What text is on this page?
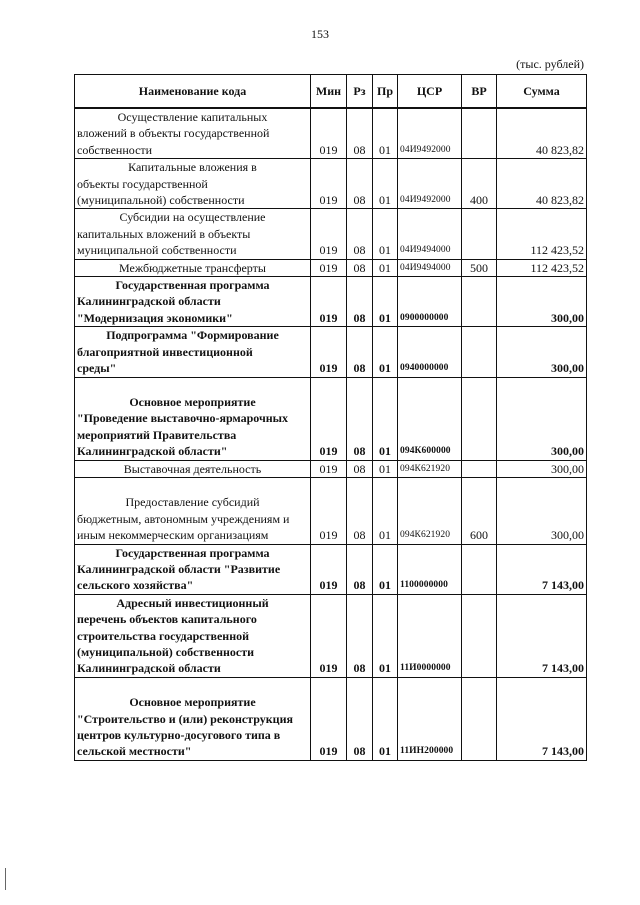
153
(тыс. рублей)
Наименование кода	Мин	Рз	Пр	ЦСР	ВР	Сумма

Осуществление капитальных
вложений в объекты государственной
собственности	019	08	01	04И9492000		40 823,82

Капитальные вложения в
объекты государственной
(муниципальной) собственности	019	08	01	04И9492000	400	40 823,82

Субсидии на осуществление
капитальных вложений в объекты
муниципальной собственности	019	08	01	04И9494000		112 423,52

Межбюджетные трансферты	019	08	01	04И9494000	500	112 423,52

Государственная программа
Калининградской области
"Модернизация экономики"	019	08	01	0900000000		300,00

Подпрограмма "Формирование
благоприятной инвестиционной
среды"	019	08	01	0940000000		300,00

Основное мероприятие
"Проведение выставочно-ярмарочных
мероприятий Правительства
Калининградской области"	019	08	01	094К600000		300,00

Выставочная деятельность	019	08	01	094К621920		300,00

Предоставление субсидий
бюджетным, автономным учреждениям и
иным некоммерческим организациям	019	08	01	094К621920	600	300,00

Государственная программа
Калининградской области "Развитие
сельского хозяйства"	019	08	01	1100000000		7 143,00

Адресный инвестиционный
перечень объектов капитального
строительства государственной
(муниципальной) собственности
Калининградской области	019	08	01	11И0000000		7 143,00

Основное мероприятие
"Строительство и (или) реконструкция
центров культурно-досугового типа в
сельской местности"	019	08	01	11ИН200000		7 143,00
